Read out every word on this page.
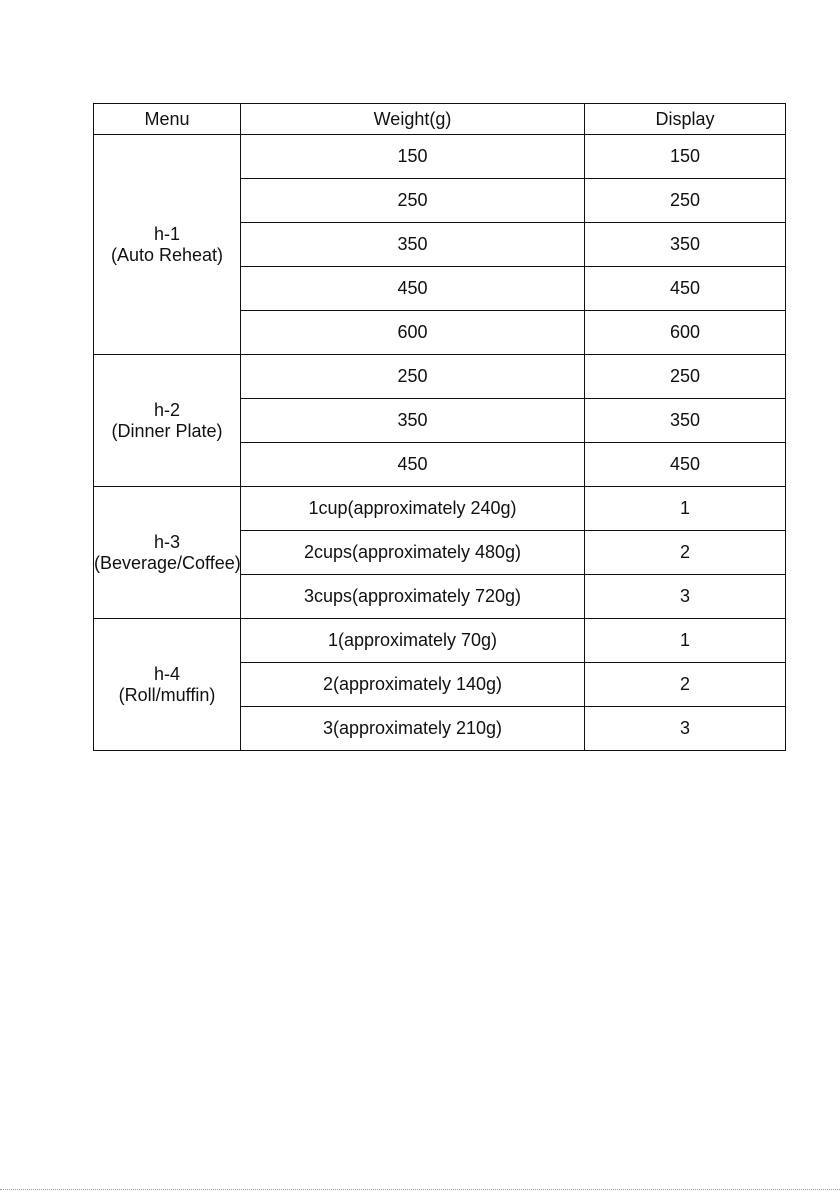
Menu	Weight(g)	Display

h-1
(Auto Reheat)	150	150
	250	250
	350	350
	450	450
	600	600

h-2
(Dinner Plate)	250	250
	350	350
	450	450

h-3
(Beverage/Coffee)	1cup(approximately 240g)	1
	2cups(approximately 480g)	2
	3cups(approximately 720g)	3

h-4
(Roll/muffin)	1(approximately 70g)	1
	2(approximately 140g)	2
	3(approximately 210g)	3
